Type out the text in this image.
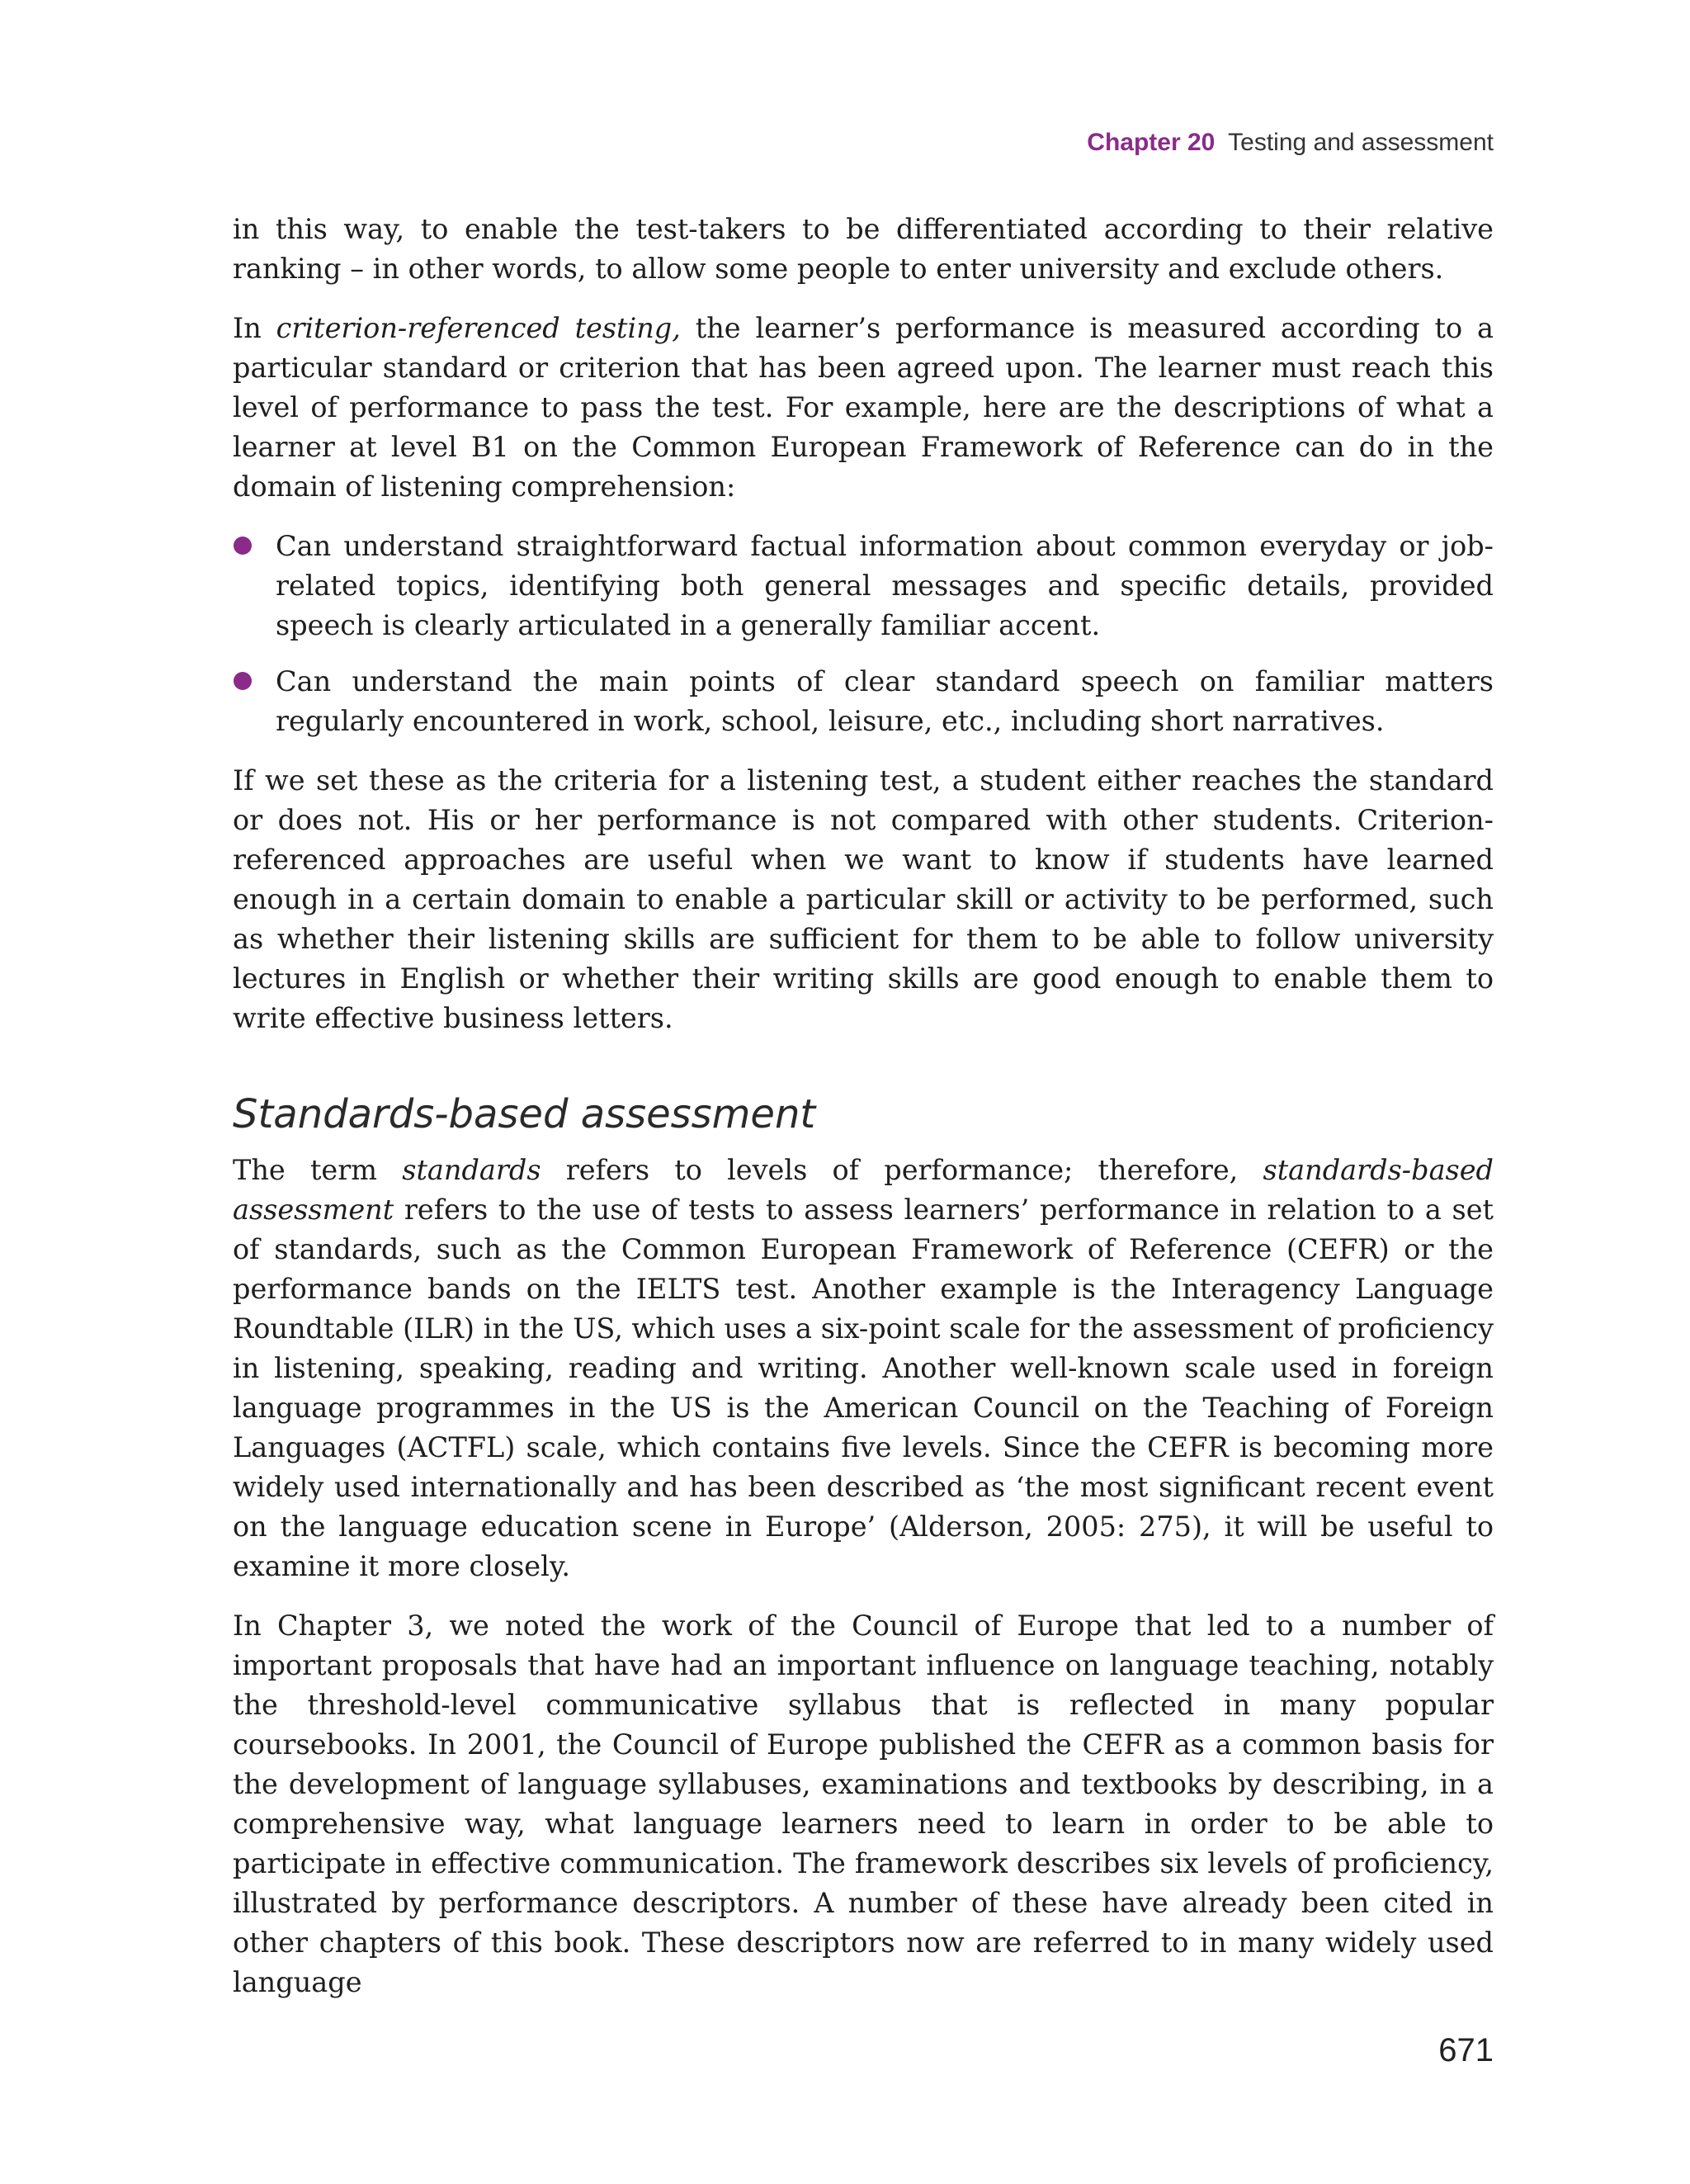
Chapter 20 Testing and assessment

in this way, to enable the test-takers to be differentiated according to their relative ranking – in other words, to allow some people to enter university and exclude others.

In criterion-referenced testing, the learner’s performance is measured according to a particular standard or criterion that has been agreed upon. The learner must reach this level of performance to pass the test. For example, here are the descriptions of what a learner at level B1 on the Common European Framework of Reference can do in the domain of listening comprehension:

Can understand straightforward factual information about common everyday or job-related topics, identifying both general messages and specific details, provided speech is clearly articulated in a generally familiar accent.
Can understand the main points of clear standard speech on familiar matters regularly encountered in work, school, leisure, etc., including short narratives.

If we set these as the criteria for a listening test, a student either reaches the standard or does not. His or her performance is not compared with other students. Criterion-referenced approaches are useful when we want to know if students have learned enough in a certain domain to enable a particular skill or activity to be performed, such as whether their listening skills are sufficient for them to be able to follow university lectures in English or whether their writing skills are good enough to enable them to write effective business letters.

Standards-based assessment

The term standards refers to levels of performance; therefore, standards-based assessment refers to the use of tests to assess learners’ performance in relation to a set of standards, such as the Common European Framework of Reference (CEFR) or the performance bands on the IELTS test. Another example is the Interagency Language Roundtable (ILR) in the US, which uses a six-point scale for the assessment of proficiency in listening, speaking, reading and writing. Another well-known scale used in foreign language programmes in the US is the American Council on the Teaching of Foreign Languages (ACTFL) scale, which contains five levels. Since the CEFR is becoming more widely used internationally and has been described as ‘the most significant recent event on the language education scene in Europe’ (Alderson, 2005: 275), it will be useful to examine it more closely.

In Chapter 3, we noted the work of the Council of Europe that led to a number of important proposals that have had an important influence on language teaching, notably the threshold-level communicative syllabus that is reflected in many popular coursebooks. In 2001, the Council of Europe published the CEFR as a common basis for the development of language syllabuses, examinations and textbooks by describing, in a comprehensive way, what language learners need to learn in order to be able to participate in effective communication. The framework describes six levels of proficiency, illustrated by performance descriptors. A number of these have already been cited in other chapters of this book. These descriptors now are referred to in many widely used language

671
